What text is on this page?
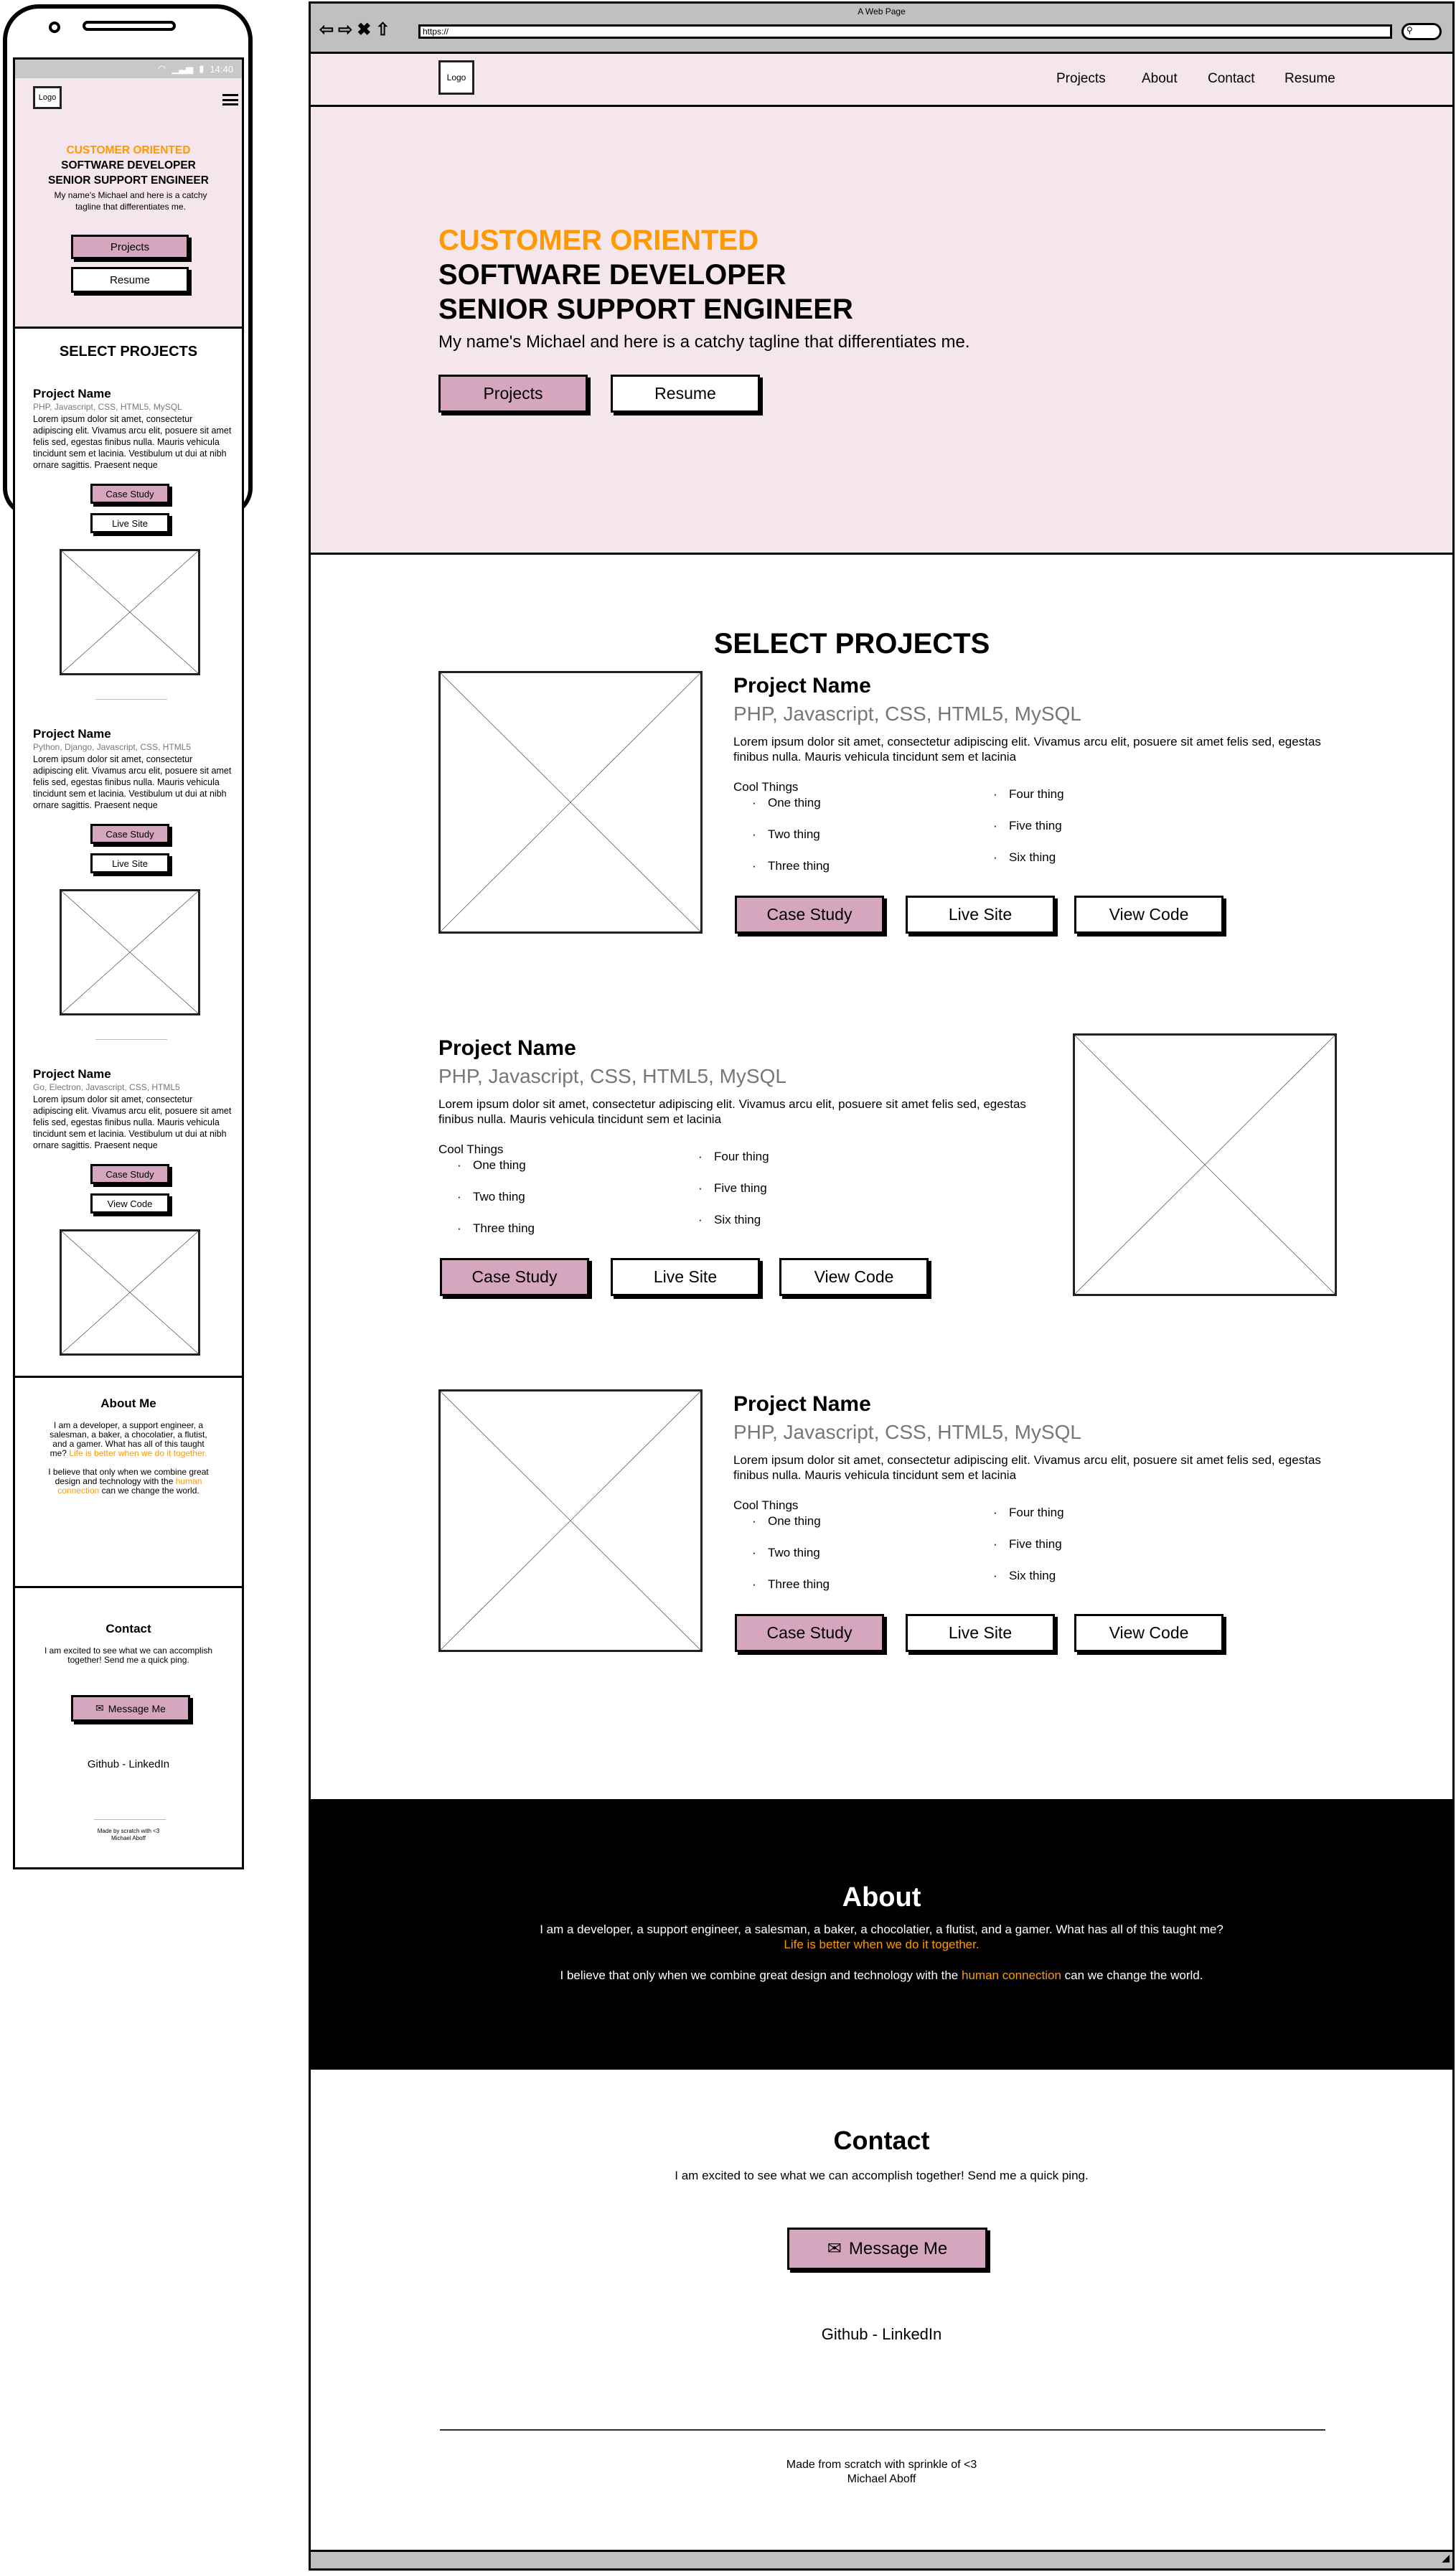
◠ ▁▃▅ ▮ 14:40
Logo
CUSTOMER ORIENTED
SOFTWARE DEVELOPER
SENIOR SUPPORT ENGINEER
My name's Michael and here is a catchy tagline that differentiates me.
Projects
Resume
SELECT PROJECTS
Project Name
PHP, Javascript, CSS, HTML5, MySQL
Lorem ipsum dolor sit amet, consectetur adipiscing elit. Vivamus arcu elit, posuere sit amet felis sed, egestas finibus nulla. Mauris vehicula tincidunt sem et lacinia. Vestibulum ut dui at nibh ornare sagittis. Praesent neque
Case Study
Live Site
Project Name
Python, Django, Javascript, CSS, HTML5
Lorem ipsum dolor sit amet, consectetur adipiscing elit. Vivamus arcu elit, posuere sit amet felis sed, egestas finibus nulla. Mauris vehicula tincidunt sem et lacinia. Vestibulum ut dui at nibh ornare sagittis. Praesent neque
Case Study
Live Site
Project Name
Go, Electron, Javascript, CSS, HTML5
Lorem ipsum dolor sit amet, consectetur adipiscing elit. Vivamus arcu elit, posuere sit amet felis sed, egestas finibus nulla. Mauris vehicula tincidunt sem et lacinia. Vestibulum ut dui at nibh ornare sagittis. Praesent neque
Case Study
View Code
About Me

I am a developer, a support engineer, a salesman, a baker, a chocolatier, a flutist, and a gamer. What has all of this taught me? Life is better when we do it together.

I believe that only when we combine great design and technology with the human connection can we change the world.

Contact

I am excited to see what we can accomplish together! Send me a quick ping.

✉ Message Me
Github - LinkedIn
Made by scratch with <3
Michael Aboff
A Web Page
⇦ ⇨ ✖ ⇧	https://	⚲
Logo	Projects	About	Contact	Resume
CUSTOMER ORIENTED
SOFTWARE DEVELOPER
SENIOR SUPPORT ENGINEER
My name's Michael and here is a catchy tagline that differentiates me.
Projects	Resume
SELECT PROJECTS
Project Name
PHP, Javascript, CSS, HTML5, MySQL
Lorem ipsum dolor sit amet, consectetur adipiscing elit. Vivamus arcu elit, posuere sit amet felis sed, egestas finibus nulla. Mauris vehicula tincidunt sem et lacinia
Cool Things
· One thing
· Two thing
· Three thing
· Four thing
· Five thing
· Six thing
Case Study	Live Site	View Code
Project Name
PHP, Javascript, CSS, HTML5, MySQL
Lorem ipsum dolor sit amet, consectetur adipiscing elit. Vivamus arcu elit, posuere sit amet felis sed, egestas finibus nulla. Mauris vehicula tincidunt sem et lacinia
Cool Things
· One thing
· Two thing
· Three thing
· Four thing
· Five thing
· Six thing
Case Study	Live Site	View Code
Project Name
PHP, Javascript, CSS, HTML5, MySQL
Lorem ipsum dolor sit amet, consectetur adipiscing elit. Vivamus arcu elit, posuere sit amet felis sed, egestas finibus nulla. Mauris vehicula tincidunt sem et lacinia
Cool Things
· One thing
· Two thing
· Three thing
· Four thing
· Five thing
· Six thing
Case Study	Live Site	View Code
About
I am a developer, a support engineer, a salesman, a baker, a chocolatier, a flutist, and a gamer. What has all of this taught me?
Life is better when we do it together.
I believe that only when we combine great design and technology with the human connection can we change the world.
Contact
I am excited to see what we can accomplish together! Send me a quick ping.
✉ Message Me
Github - LinkedIn
Made from scratch with sprinkle of <3
Michael Aboff
◢
